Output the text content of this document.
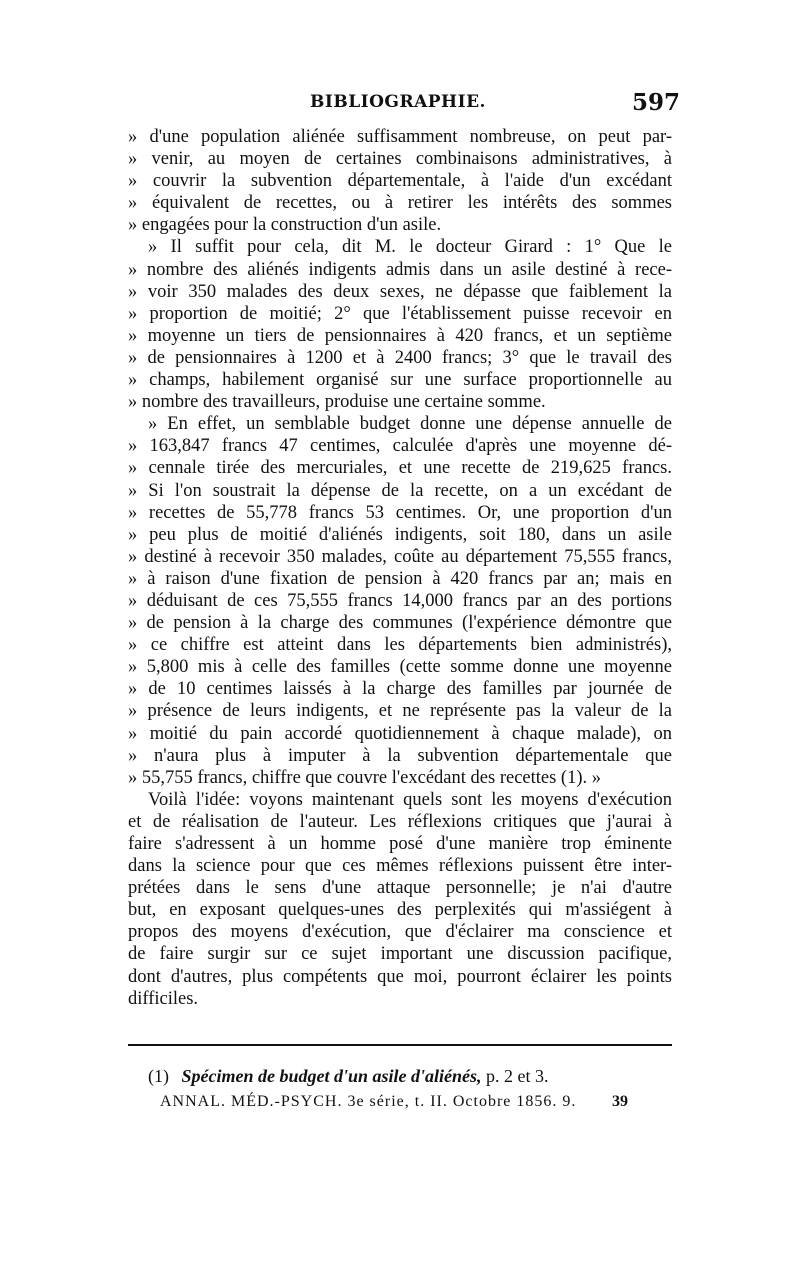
BIBLIOGRAPHIE.	597
» d'une population aliénée suffisamment nombreuse, on peut par-
» venir, au moyen de certaines combinaisons administratives, à
» couvrir la subvention départementale, à l'aide d'un excédant
» équivalent de recettes, ou à retirer les intérêts des sommes
» engagées pour la construction d'un asile.
» Il suffit pour cela, dit M. le docteur Girard : 1° Que le
» nombre des aliénés indigents admis dans un asile destiné à rece-
» voir 350 malades des deux sexes, ne dépasse que faiblement la
» proportion de moitié; 2° que l'établissement puisse recevoir en
» moyenne un tiers de pensionnaires à 420 francs, et un septième
» de pensionnaires à 1200 et à 2400 francs; 3° que le travail des
» champs, habilement organisé sur une surface proportionnelle au
» nombre des travailleurs, produise une certaine somme.
» En effet, un semblable budget donne une dépense annuelle de
» 163,847 francs 47 centimes, calculée d'après une moyenne dé-
» cennale tirée des mercuriales, et une recette de 219,625 francs.
» Si l'on soustrait la dépense de la recette, on a un excédant de
» recettes de 55,778 francs 53 centimes. Or, une proportion d'un
» peu plus de moitié d'aliénés indigents, soit 180, dans un asile
» destiné à recevoir 350 malades, coûte au département 75,555 francs,
» à raison d'une fixation de pension à 420 francs par an; mais en
» déduisant de ces 75,555 francs 14,000 francs par an des portions
» de pension à la charge des communes (l'expérience démontre que
» ce chiffre est atteint dans les départements bien administrés),
» 5,800 mis à celle des familles (cette somme donne une moyenne
» de 10 centimes laissés à la charge des familles par journée de
» présence de leurs indigents, et ne représente pas la valeur de la
» moitié du pain accordé quotidiennement à chaque malade), on
» n'aura plus à imputer à la subvention départementale que
» 55,755 francs, chiffre que couvre l'excédant des recettes (1). »
Voilà l'idée: voyons maintenant quels sont les moyens d'exécution
et de réalisation de l'auteur. Les réflexions critiques que j'aurai à
faire s'adressent à un homme posé d'une manière trop éminente
dans la science pour que ces mêmes réflexions puissent être inter-
prétées dans le sens d'une attaque personnelle; je n'ai d'autre
but, en exposant quelques-unes des perplexités qui m'assiégent à
propos des moyens d'exécution, que d'éclairer ma conscience et
de faire surgir sur ce sujet important une discussion pacifique,
dont d'autres, plus compétents que moi, pourront éclairer les points
difficiles.
(1) Spécimen de budget d'un asile d'aliénés, p. 2 et 3.
ANNAL. MÉD.-PSYCH. 3e série, t. II. Octobre 1856. 9. 39
